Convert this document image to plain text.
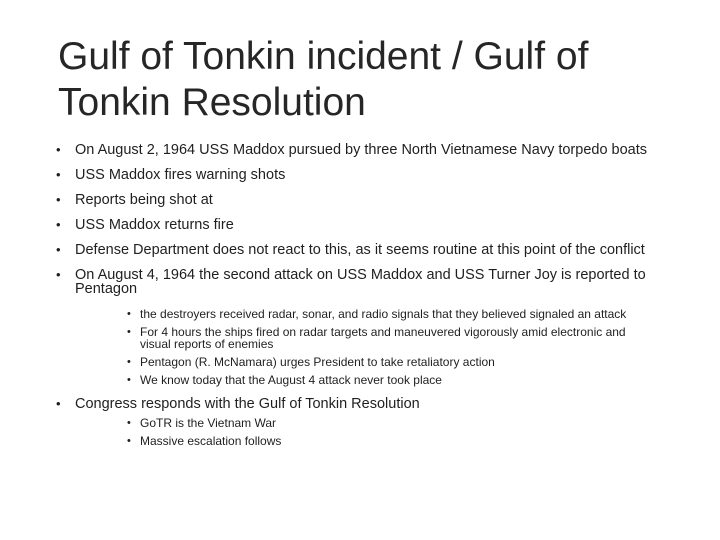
Gulf of Tonkin incident / Gulf of Tonkin Resolution
• On August 2, 1964 USS Maddox pursued by three North Vietnamese Navy torpedo boats
• USS Maddox fires warning shots
• Reports being shot at
• USS Maddox returns fire
• Defense Department does not react to this, as it seems routine at this point of the conflict
• On August 4, 1964 the second attack on USS Maddox and USS Turner Joy is reported to Pentagon
• the destroyers received radar, sonar, and radio signals that they believed signaled an attack
• For 4 hours the ships fired on radar targets and maneuvered vigorously amid electronic and visual reports of enemies
• Pentagon (R. McNamara) urges President to take retaliatory action
• We know today that the August 4 attack never took place
• Congress responds with the Gulf of Tonkin Resolution
• GoTR is the Vietnam War
• Massive escalation follows
